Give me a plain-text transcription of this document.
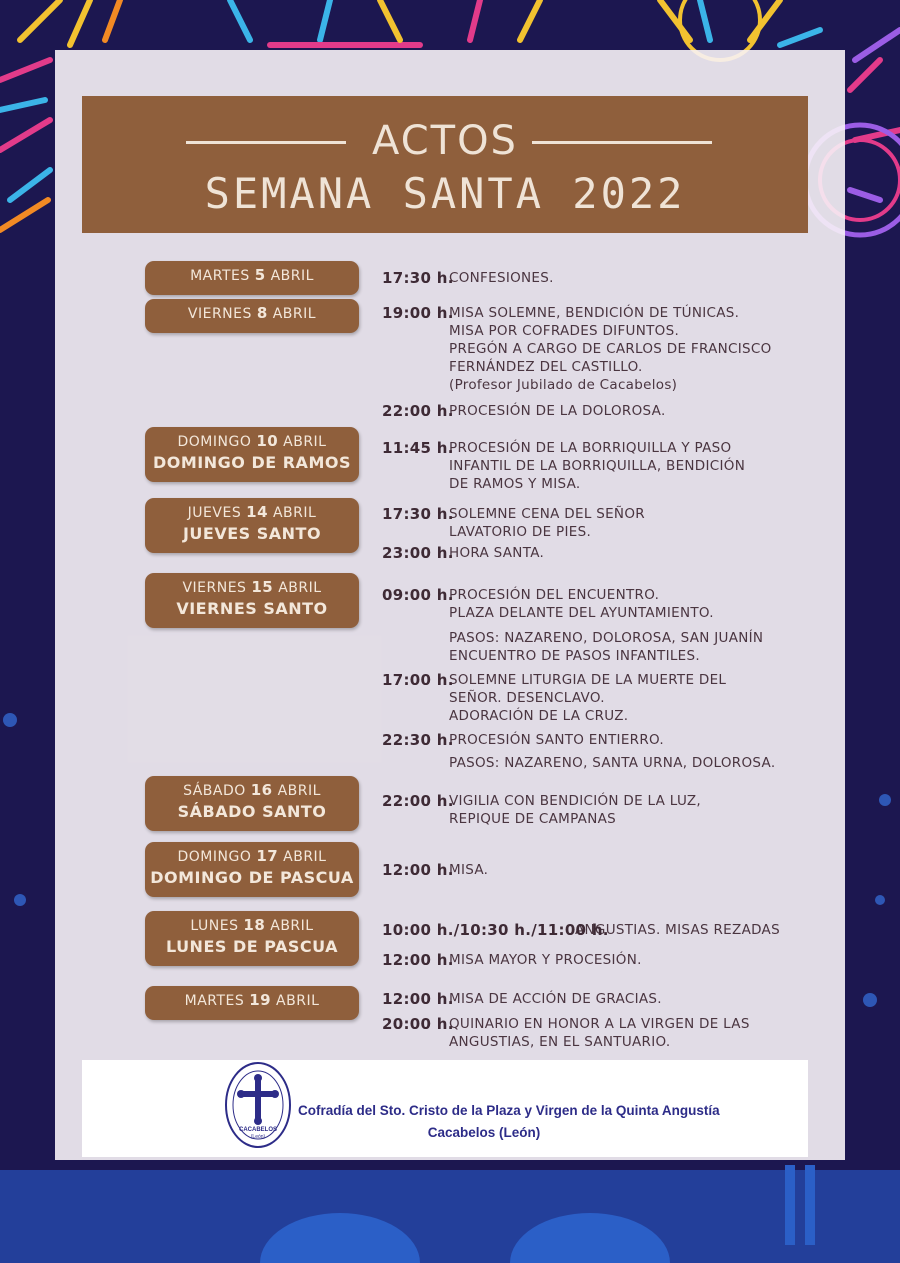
ACTOS
SEMANA SANTA 2022
MARTES 5 ABRIL
VIERNES 8 ABRIL
DOMINGO 10 ABRIL
DOMINGO DE RAMOS
JUEVES 14 ABRIL
JUEVES SANTO
VIERNES 15 ABRIL
VIERNES SANTO
SÁBADO 16 ABRIL
SÁBADO SANTO
DOMINGO 17 ABRIL
DOMINGO DE PASCUA
LUNES 18 ABRIL
LUNES DE PASCUA
MARTES 19 ABRIL
17:30 h.
CONFESIONES.
19:00 h.
MISA SOLEMNE, BENDICIÓN DE TÚNICAS.
MISA POR COFRADES DIFUNTOS.
PREGÓN A CARGO DE CARLOS DE FRANCISCO
FERNÁNDEZ DEL CASTILLO.
(Profesor Jubilado de Cacabelos)
22:00 h.
PROCESIÓN DE LA DOLOROSA.
11:45 h.
PROCESIÓN DE LA BORRIQUILLA Y PASO
INFANTIL DE LA BORRIQUILLA, BENDICIÓN
DE RAMOS Y MISA.
17:30 h.
SOLEMNE CENA DEL SEÑOR
LAVATORIO DE PIES.
23:00 h.
HORA SANTA.
09:00 h.
PROCESIÓN DEL ENCUENTRO.
PLAZA DELANTE DEL AYUNTAMIENTO.
PASOS: NAZARENO, DOLOROSA, SAN JUANÍN
ENCUENTRO DE PASOS INFANTILES.
17:00 h.
SOLEMNE LITURGIA DE LA MUERTE DEL
SEÑOR. DESENCLAVO.
ADORACIÓN DE LA CRUZ.
22:30 h.
PROCESIÓN SANTO ENTIERRO.
PASOS: NAZARENO, SANTA URNA, DOLOROSA.
22:00 h.
VIGILIA CON BENDICIÓN DE LA LUZ,
REPIQUE DE CAMPANAS
12:00 h.
MISA.
10:00 h./10:30 h./11:00 h.
ANGUSTIAS. MISAS REZADAS
12:00 h.
MISA MAYOR Y PROCESIÓN.
12:00 h.
MISA DE ACCIÓN DE GRACIAS.
20:00 h.
QUINARIO EN HONOR A LA VIRGEN DE LAS
ANGUSTIAS, EN EL SANTUARIO.
CACABELOS
(León)
Cofradía del Sto. Cristo de la Plaza y Virgen de la Quinta Angustía
Cacabelos (León)
